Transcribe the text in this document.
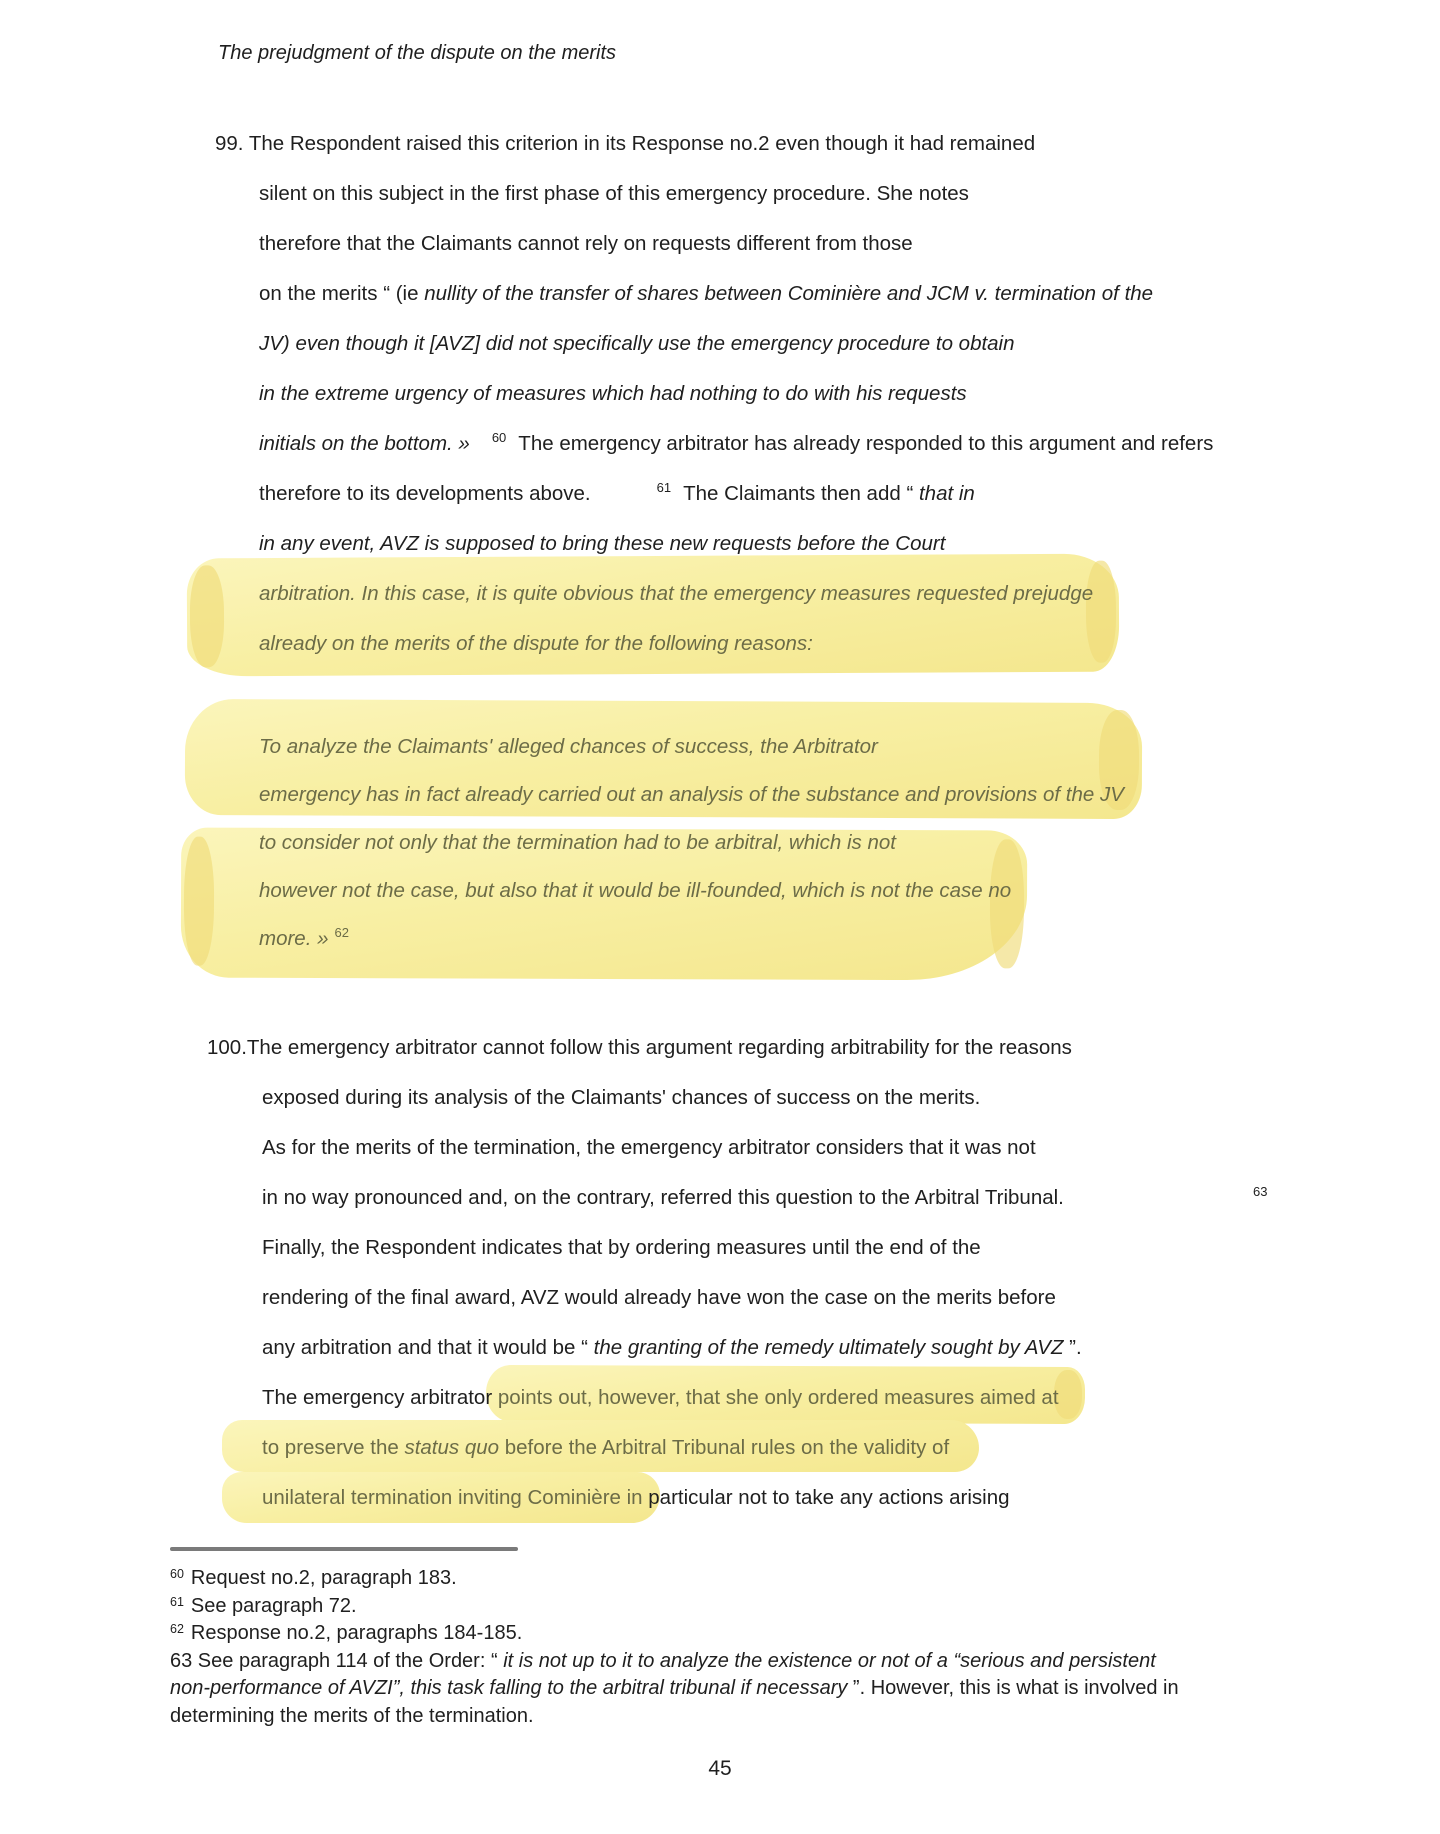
The prejudgment of the dispute on the merits
99. The Respondent raised this criterion in its Response no.2 even though it had remained
silent on this subject in the first phase of this emergency procedure. She notes
therefore that the Claimants cannot rely on requests different from those
on the merits “ (ie nullity of the transfer of shares between Cominière and JCM v. termination of the
JV) even though it [AVZ] did not specifically use the emergency procedure to obtain
in the extreme urgency of measures which had nothing to do with his requests
initials on the bottom. » $^{60}$ The emergency arbitrator has already responded to this argument and refers
therefore to its developments above.	$^{61}$ The Claimants then add “ that in
in any event, AVZ is supposed to bring these new requests before the Court
arbitration. In this case, it is quite obvious that the emergency measures requested prejudge
already on the merits of the dispute for the following reasons:
To analyze the Claimants' alleged chances of success, the Arbitrator
emergency has in fact already carried out an analysis of the substance and provisions of the JV
to consider not only that the termination had to be arbitral, which is not
however not the case, but also that it would be ill-founded, which is not the case no
more. » $^{62}$
100.The emergency arbitrator cannot follow this argument regarding arbitrability for the reasons
exposed during its analysis of the Claimants' chances of success on the merits.
As for the merits of the termination, the emergency arbitrator considers that it was not
in no way pronounced and, on the contrary, referred this question to the Arbitral Tribunal.	63
Finally, the Respondent indicates that by ordering measures until the end of the
rendering of the final award, AVZ would already have won the case on the merits before
any arbitration and that it would be “ the granting of the remedy ultimately sought by AVZ ”.
The emergency arbitrator points out, however, that she only ordered measures aimed at
to preserve the status quo before the Arbitral Tribunal rules on the validity of
unilateral termination inviting Cominière in particular not to take any actions arising
$^{60}$ Request no.2, paragraph 183.
$^{61}$ See paragraph 72.
$^{62}$ Response no.2, paragraphs 184-185.
63 See paragraph 114 of the Order: “ it is not up to it to analyze the existence or not of a “serious and persistent
non-performance of AVZI”, this task falling to the arbitral tribunal if necessary ”. However, this is what is involved in
determining the merits of the termination.
45
